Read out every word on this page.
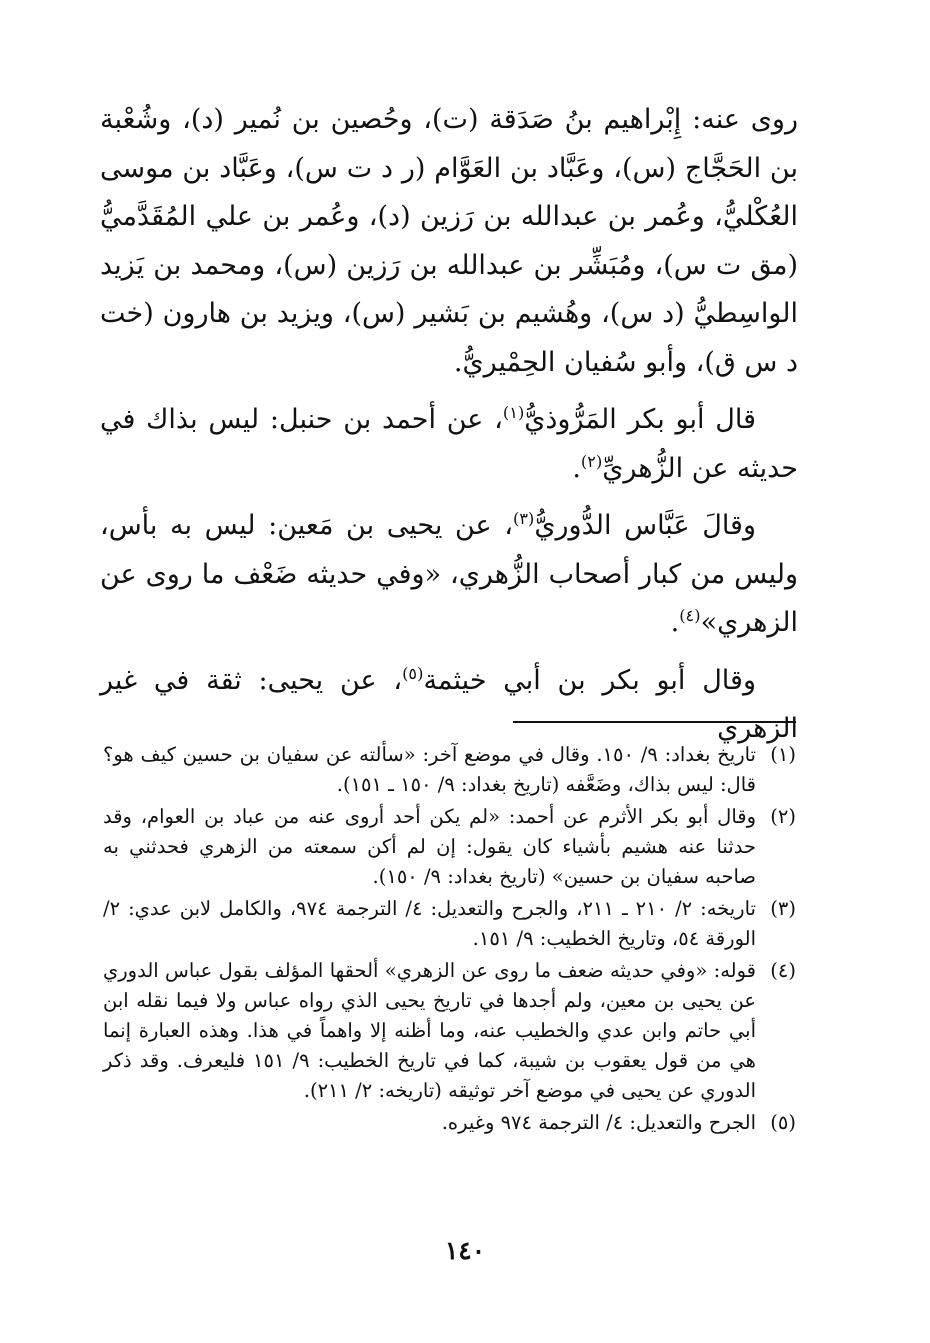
روى عنه: إِبْراهيم بنُ صَدَقة (ت)، وحُصين بن نُمير (د)، وشُعْبة بن الحَجَّاج (س)، وعَبَّاد بن العَوَّام (ر د ت س)، وعَبَّاد بن موسى العُكْليُّ، وعُمر بن عبدالله بن رَزين (د)، وعُمر بن علي المُقَدَّميُّ (مق ت س)، ومُبَشِّر بن عبدالله بن رَزين (س)، ومحمد بن يَزيد الواسِطيُّ (د س)، وهُشيم بن بَشير (س)، ويزيد بن هارون (خت د س ق)، وأبو سُفيان الحِمْيريُّ.

قال أبو بكر المَرُّوذيُّ$^{(١)}$، عن أحمد بن حنبل: ليس بذاك في حديثه عن الزُّهريِّ$^{(٢)}$.

وقالَ عَبَّاس الدُّوريُّ$^{(٣)}$، عن يحيى بن مَعين: ليس به بأس، وليس من كبار أصحاب الزُّهري، «وفي حديثه ضَعْف ما روى عن الزهري»$^{(٤)}$.

وقال أبو بكر بن أبي خيثمة$^{(٥)}$، عن يحيى: ثقة في غير الزهري

(١)
تاريخ بغداد: ٩/ ١٥٠. وقال في موضع آخر: «سألته عن سفيان بن حسين كيف هو؟ قال: ليس بذاك، وضَعَّفه (تاريخ بغداد: ٩/ ١٥٠ ـ ١٥١).
(٢)
وقال أبو بكر الأثرم عن أحمد: «لم يكن أحد أروى عنه من عباد بن العوام، وقد حدثنا عنه هشيم بأشياء كان يقول: إن لم أكن سمعته من الزهري فحدثني به صاحبه سفيان بن حسين» (تاريخ بغداد: ٩/ ١٥٠).
(٣)
تاريخه: ٢/ ٢١٠ ـ ٢١١، والجرح والتعديل: ٤/ الترجمة ٩٧٤، والكامل لابن عدي: ٢/ الورقة ٥٤، وتاريخ الخطيب: ٩/ ١٥١.
(٤)
قوله: «وفي حديثه ضعف ما روى عن الزهري» ألحقها المؤلف بقول عباس الدوري عن يحيى بن معين، ولم أجدها في تاريخ يحيى الذي رواه عباس ولا فيما نقله ابن أبي حاتم وابن عدي والخطيب عنه، وما أظنه إلا واهماً في هذا. وهذه العبارة إنما هي من قول يعقوب بن شيبة، كما في تاريخ الخطيب: ٩/ ١٥١ فليعرف. وقد ذكر الدوري عن يحيى في موضع آخر توثيقه (تاريخه: ٢/ ٢١١).
(٥)
الجرح والتعديل: ٤/ الترجمة ٩٧٤ وغيره.
١٤٠
